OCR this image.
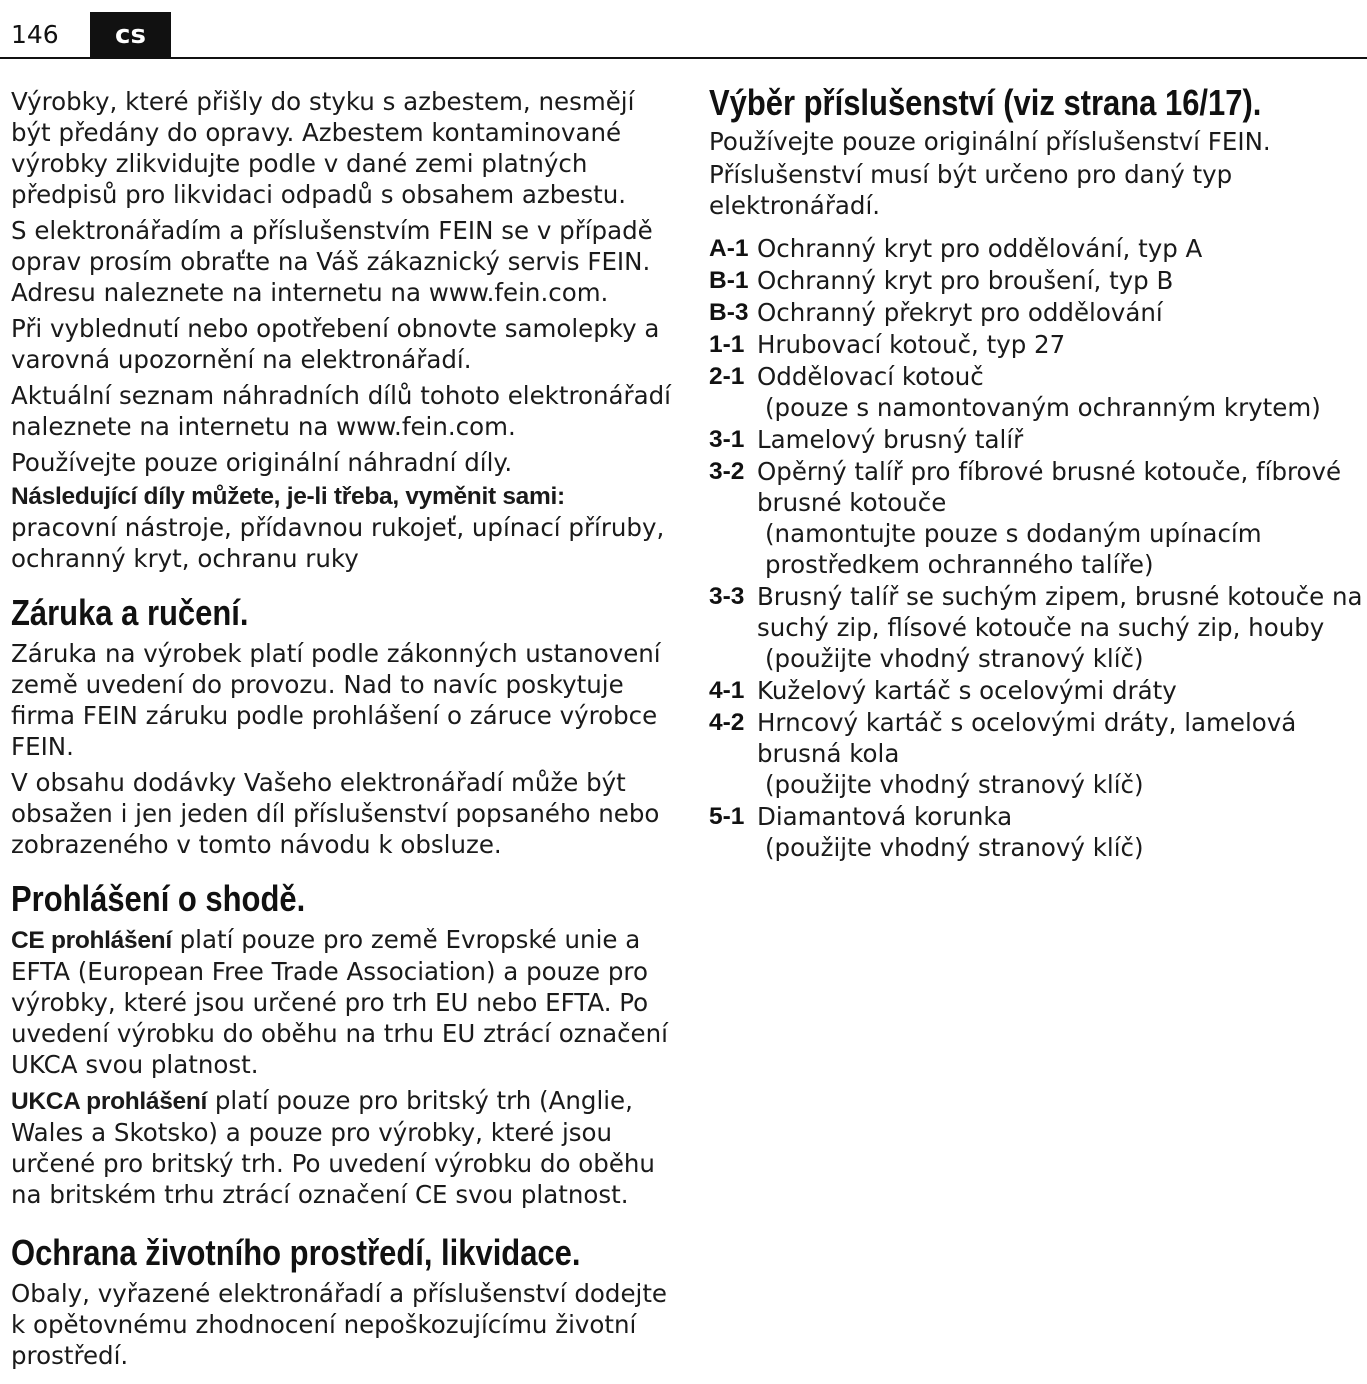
146	cs

Výrobky, které přišly do styku s azbestem, nesmějí být předány do opravy. Azbestem kontaminované výrobky zlikvidujte podle v dané zemi platných předpisů pro likvidaci odpadů s obsahem azbestu.

S elektronářadím a příslušenstvím FEIN se v případě oprav prosím obraťte na Váš zákaznický servis FEIN. Adresu naleznete na internetu na www.fein.com.

Při vyblednutí nebo opotřebení obnovte samolepky a varovná upozornění na elektronářadí.

Aktuální seznam náhradních dílů tohoto elektronářadí naleznete na internetu na www.fein.com.

Používejte pouze originální náhradní díly.

Následující díly můžete, je-li třeba, vyměnit sami:
pracovní nástroje, přídavnou rukojeť, upínací příruby, ochranný kryt, ochranu ruky

Záruka a ručení.

Záruka na výrobek platí podle zákonných ustanovení země uvedení do provozu. Nad to navíc poskytuje firma FEIN záruku podle prohlášení o záruce výrobce FEIN.

V obsahu dodávky Vašeho elektronářadí může být obsažen i jen jeden díl příslušenství popsaného nebo zobrazeného v tomto návodu k obsluze.

Prohlášení o shodě.

CE prohlášení platí pouze pro země Evropské unie a EFTA (European Free Trade Association) a pouze pro výrobky, které jsou určené pro trh EU nebo EFTA. Po uvedení výrobku do oběhu na trhu EU ztrácí označení UKCA svou platnost.

UKCA prohlášení platí pouze pro britský trh (Anglie, Wales a Skotsko) a pouze pro výrobky, které jsou určené pro britský trh. Po uvedení výrobku do oběhu na britském trhu ztrácí označení CE svou platnost.

Ochrana životního prostředí, likvidace.

Obaly, vyřazené elektronářadí a příslušenství dodejte k opětovnému zhodnocení nepoškozujícímu životní prostředí.

Výběr příslušenství (viz strana 16/17).

Používejte pouze originální příslušenství FEIN.

Příslušenství musí být určeno pro daný typ elektronářadí.

A-1 Ochranný kryt pro oddělování, typ A
B-1 Ochranný kryt pro broušení, typ B
B-3 Ochranný překryt pro oddělování
1-1 Hrubovací kotouč, typ 27
2-1 Oddělovací kotouč
(pouze s namontovaným ochranným krytem)
3-1 Lamelový brusný talíř
3-2 Opěrný talíř pro fíbrové brusné kotouče, fíbrové brusné kotouče
(namontujte pouze s dodaným upínacím prostředkem ochranného talíře)
3-3 Brusný talíř se suchým zipem, brusné kotouče na suchý zip, flísové kotouče na suchý zip, houby
(použijte vhodný stranový klíč)
4-1 Kuželový kartáč s ocelovými dráty
4-2 Hrncový kartáč s ocelovými dráty, lamelová brusná kola
(použijte vhodný stranový klíč)
5-1 Diamantová korunka
(použijte vhodný stranový klíč)
